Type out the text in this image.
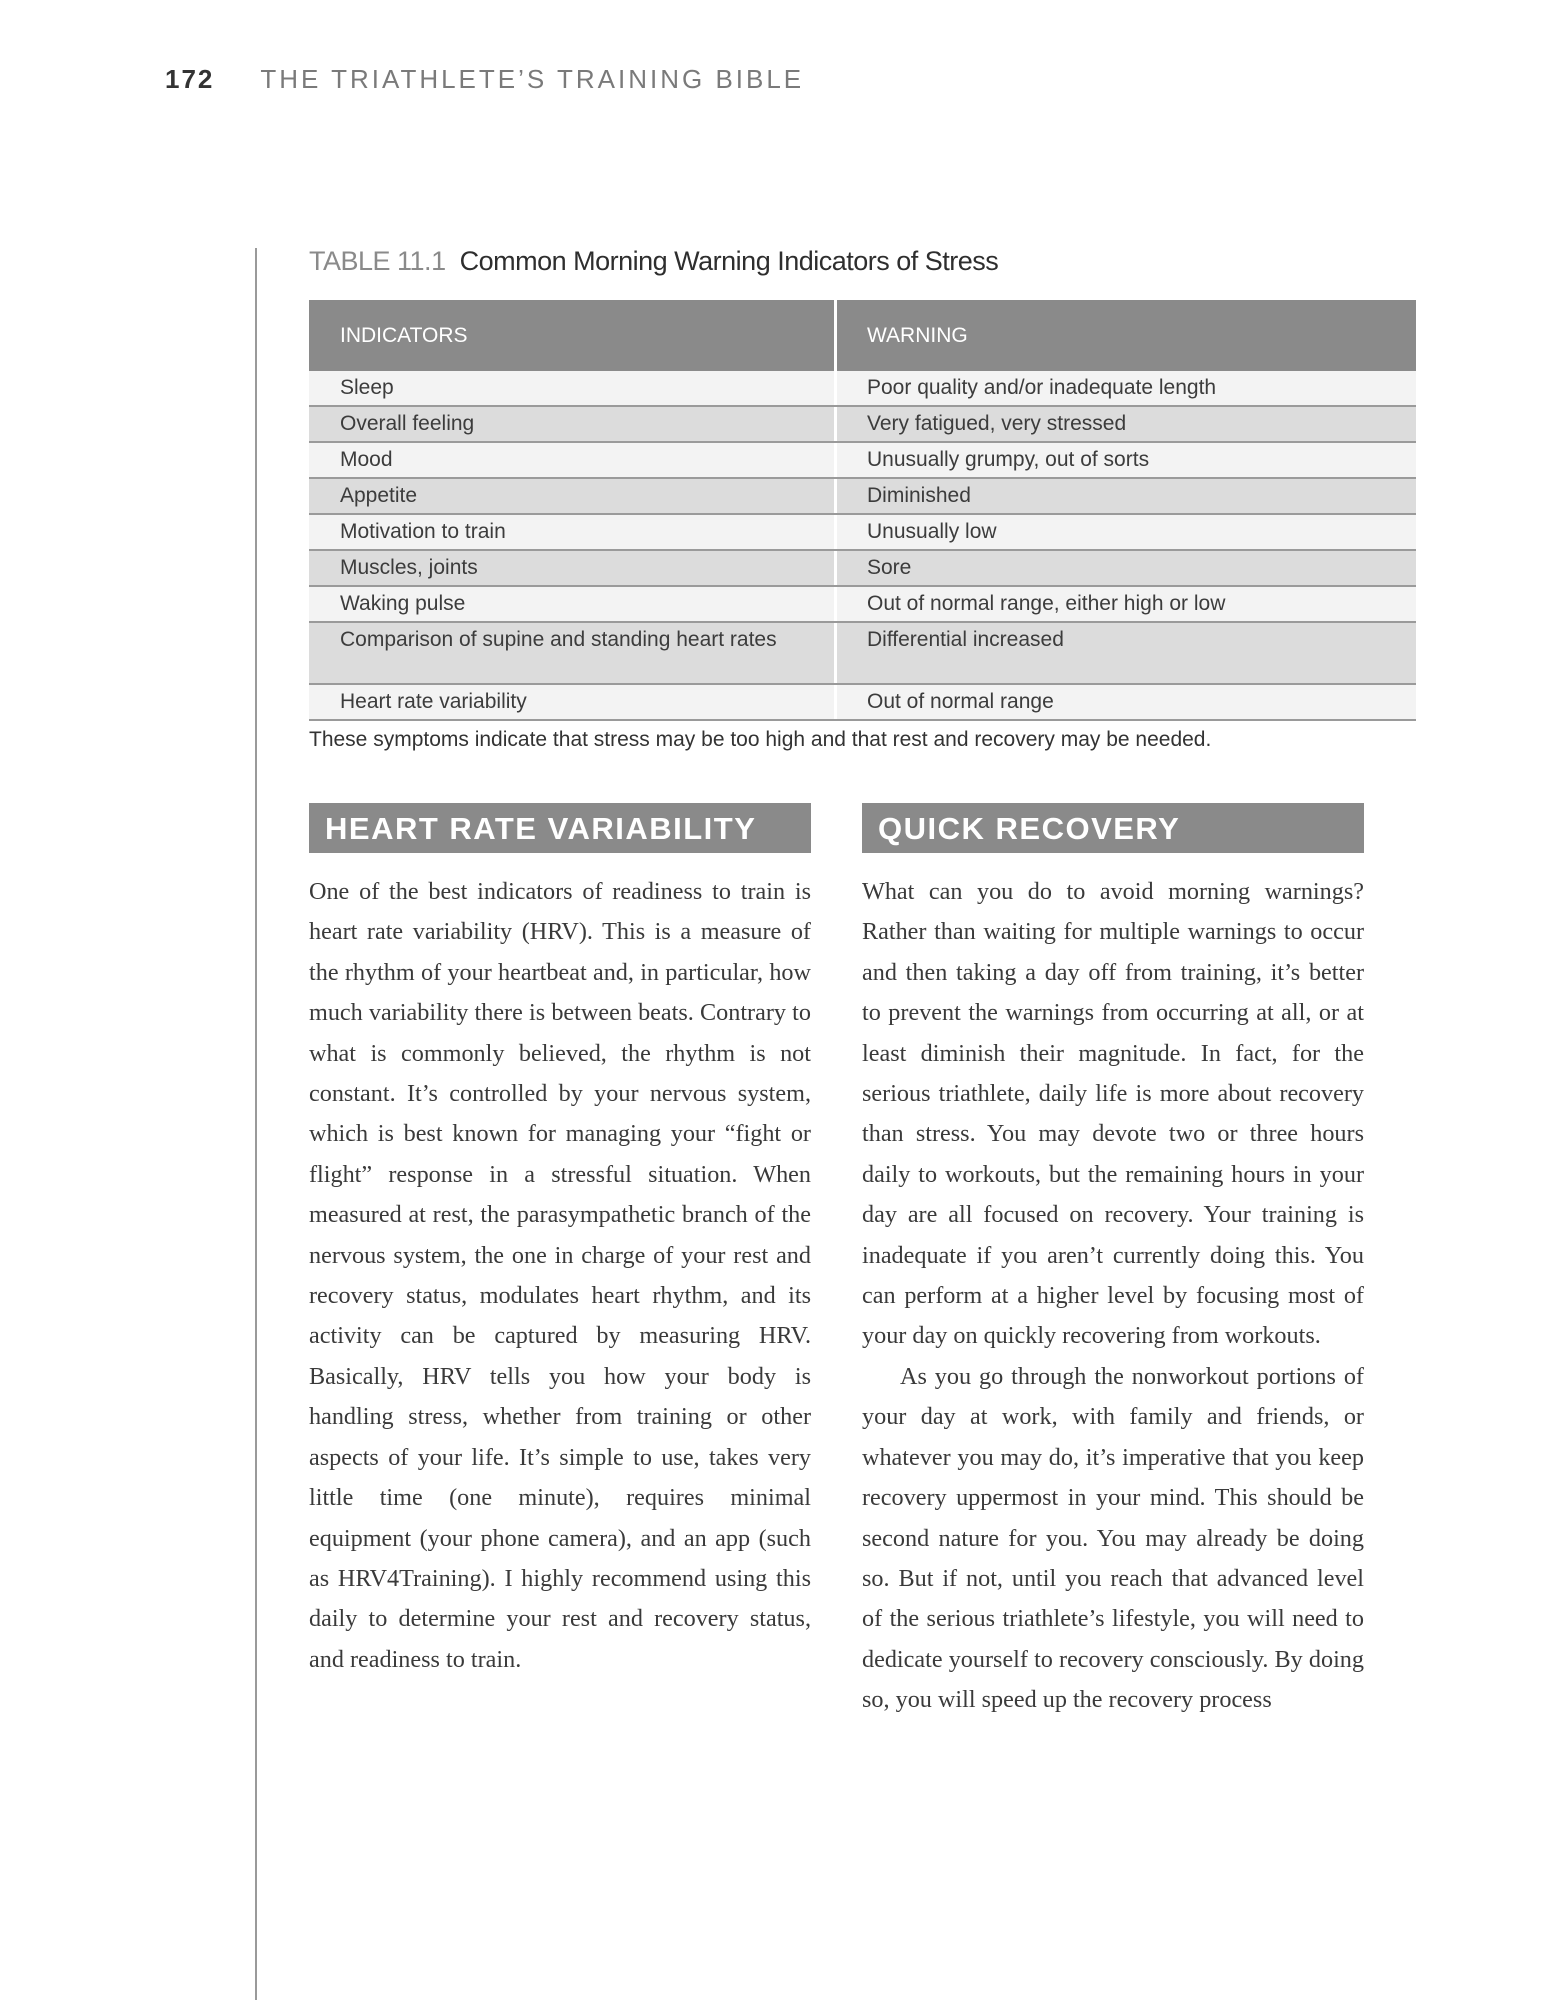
172 THE TRIATHLETE’S TRAINING BIBLE
TABLE 11.1 Common Morning Warning Indicators of Stress
INDICATORS	WARNING
Sleep	Poor quality and/or inadequate length
Overall feeling	Very fatigued, very stressed
Mood	Unusually grumpy, out of sorts
Appetite	Diminished
Motivation to train	Unusually low
Muscles, joints	Sore
Waking pulse	Out of normal range, either high or low
Comparison of supine and standing heart rates	Differential increased
Heart rate variability	Out of normal range
These symptoms indicate that stress may be too high and that rest and recovery may be needed.
HEART RATE VARIABILITY	QUICK RECOVERY

One of the best indicators of readiness to train is heart rate variability (HRV). This is a measure of the rhythm of your heartbeat and, in particular, how much variability there is between beats. Contrary to what is commonly believed, the rhythm is not constant. It’s controlled by your nervous system, which is best known for managing your “fight or flight” response in a stressful situation. When measured at rest, the parasympathetic branch of the nervous system, the one in charge of your rest and recovery status, modulates heart rhythm, and its activity can be captured by measuring HRV. Basically, HRV tells you how your body is handling stress, whether from training or other aspects of your life. It’s simple to use, takes very little time (one minute), requires minimal equipment (your phone camera), and an app (such as HRV4Training). I highly recommend using this daily to determine your rest and recovery status, and readiness to train.

What can you do to avoid morning warnings? Rather than waiting for multiple warnings to occur and then taking a day off from training, it’s better to prevent the warnings from occurring at all, or at least diminish their magnitude. In fact, for the serious triathlete, daily life is more about recovery than stress. You may devote two or three hours daily to workouts, but the remaining hours in your day are all focused on recovery. Your training is inadequate if you aren’t currently doing this. You can perform at a higher level by focusing most of your day on quickly recovering from workouts.

As you go through the nonworkout portions of your day at work, with family and friends, or whatever you may do, it’s imperative that you keep recovery uppermost in your mind. This should be second nature for you. You may already be doing so. But if not, until you reach that advanced level of the serious triathlete’s lifestyle, you will need to dedicate yourself to recovery consciously. By doing so, you will speed up the recovery process
